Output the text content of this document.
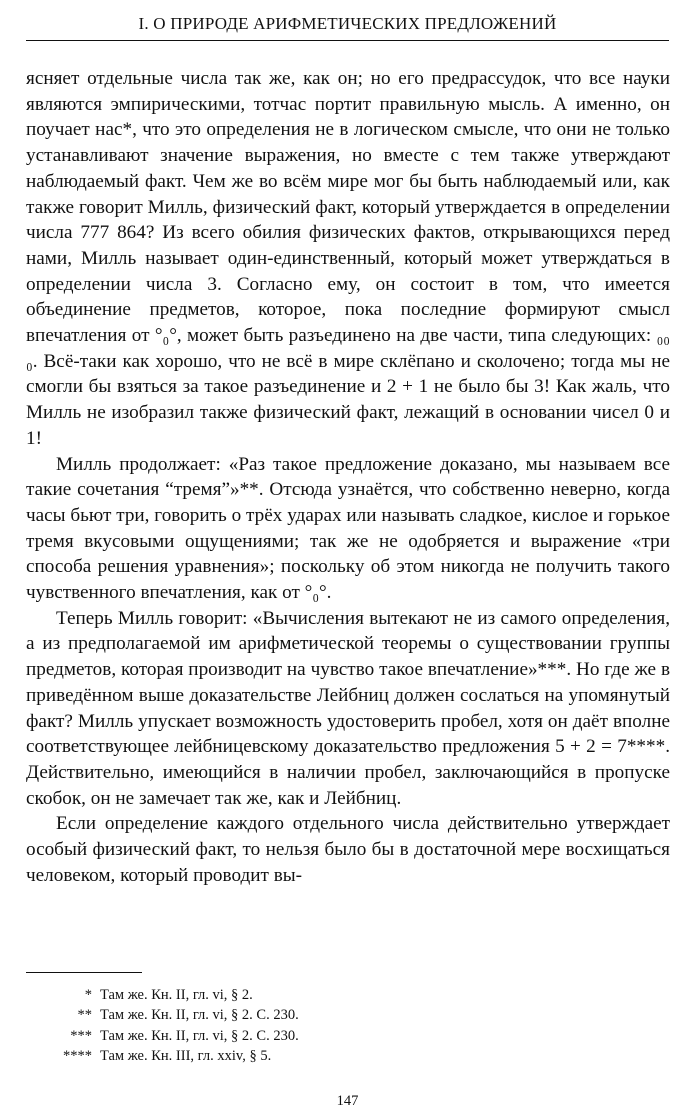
I. О ПРИРОДЕ АРИФМЕТИЧЕСКИХ ПРЕДЛОЖЕНИЙ

ясняет отдельные числа так же, как он; но его предрассудок, что все науки являются эмпирическими, тотчас портит правильную мысль. А именно, он поучает нас*, что это определения не в логическом смысле, что они не только устанавливают значение выражения, но вместе с тем также утверждают наблюдаемый факт. Чем же во всём мире мог бы быть наблюдаемый или, как также говорит Милль, физический факт, который утверждается в определении числа 777 864? Из всего обилия физических фактов, открывающихся перед нами, Милль называет один-единственный, который может утверждаться в определении числа 3. Согласно ему, он состоит в том, что имеется объединение предметов, которое, пока последние формируют смысл впечатления от °₀°, может быть разъединено на две части, типа следующих: ₀₀ ₀. Всё-таки как хорошо, что не всё в мире склёпано и сколочено; тогда мы не смогли бы взяться за такое разъединение и 2 + 1 не было бы 3! Как жаль, что Милль не изобразил также физический факт, лежащий в основании чисел 0 и 1!

Милль продолжает: «Раз такое предложение доказано, мы называем все такие сочетания “тремя”»**. Отсюда узнаётся, что собственно неверно, когда часы бьют три, говорить о трёх ударах или называть сладкое, кислое и горькое тремя вкусовыми ощущениями; так же не одобряется и выражение «три способа решения уравнения»; поскольку об этом никогда не получить такого чувственного впечатления, как от °₀°.

Теперь Милль говорит: «Вычисления вытекают не из самого определения, а из предполагаемой им арифметической теоремы о существовании группы предметов, которая производит на чувство такое впечатление»***. Но где же в приведённом выше доказательстве Лейбниц должен сослаться на упомянутый факт? Милль упускает возможность удостоверить пробел, хотя он даёт вполне соответствующее лейбницевскому доказательство предложения 5 + 2 = 7****. Действительно, имеющийся в наличии пробел, заключающийся в пропуске скобок, он не замечает так же, как и Лейбниц.

Если определение каждого отдельного числа действительно утверждает особый физический факт, то нельзя было бы в достаточной мере восхищаться человеком, который проводит вы-

* Там же. Кн. II, гл. vi, § 2.
** Там же. Кн. II, гл. vi, § 2. С. 230.
*** Там же. Кн. II, гл. vi, § 2. С. 230.
**** Там же. Кн. III, гл. xxiv, § 5.
147
